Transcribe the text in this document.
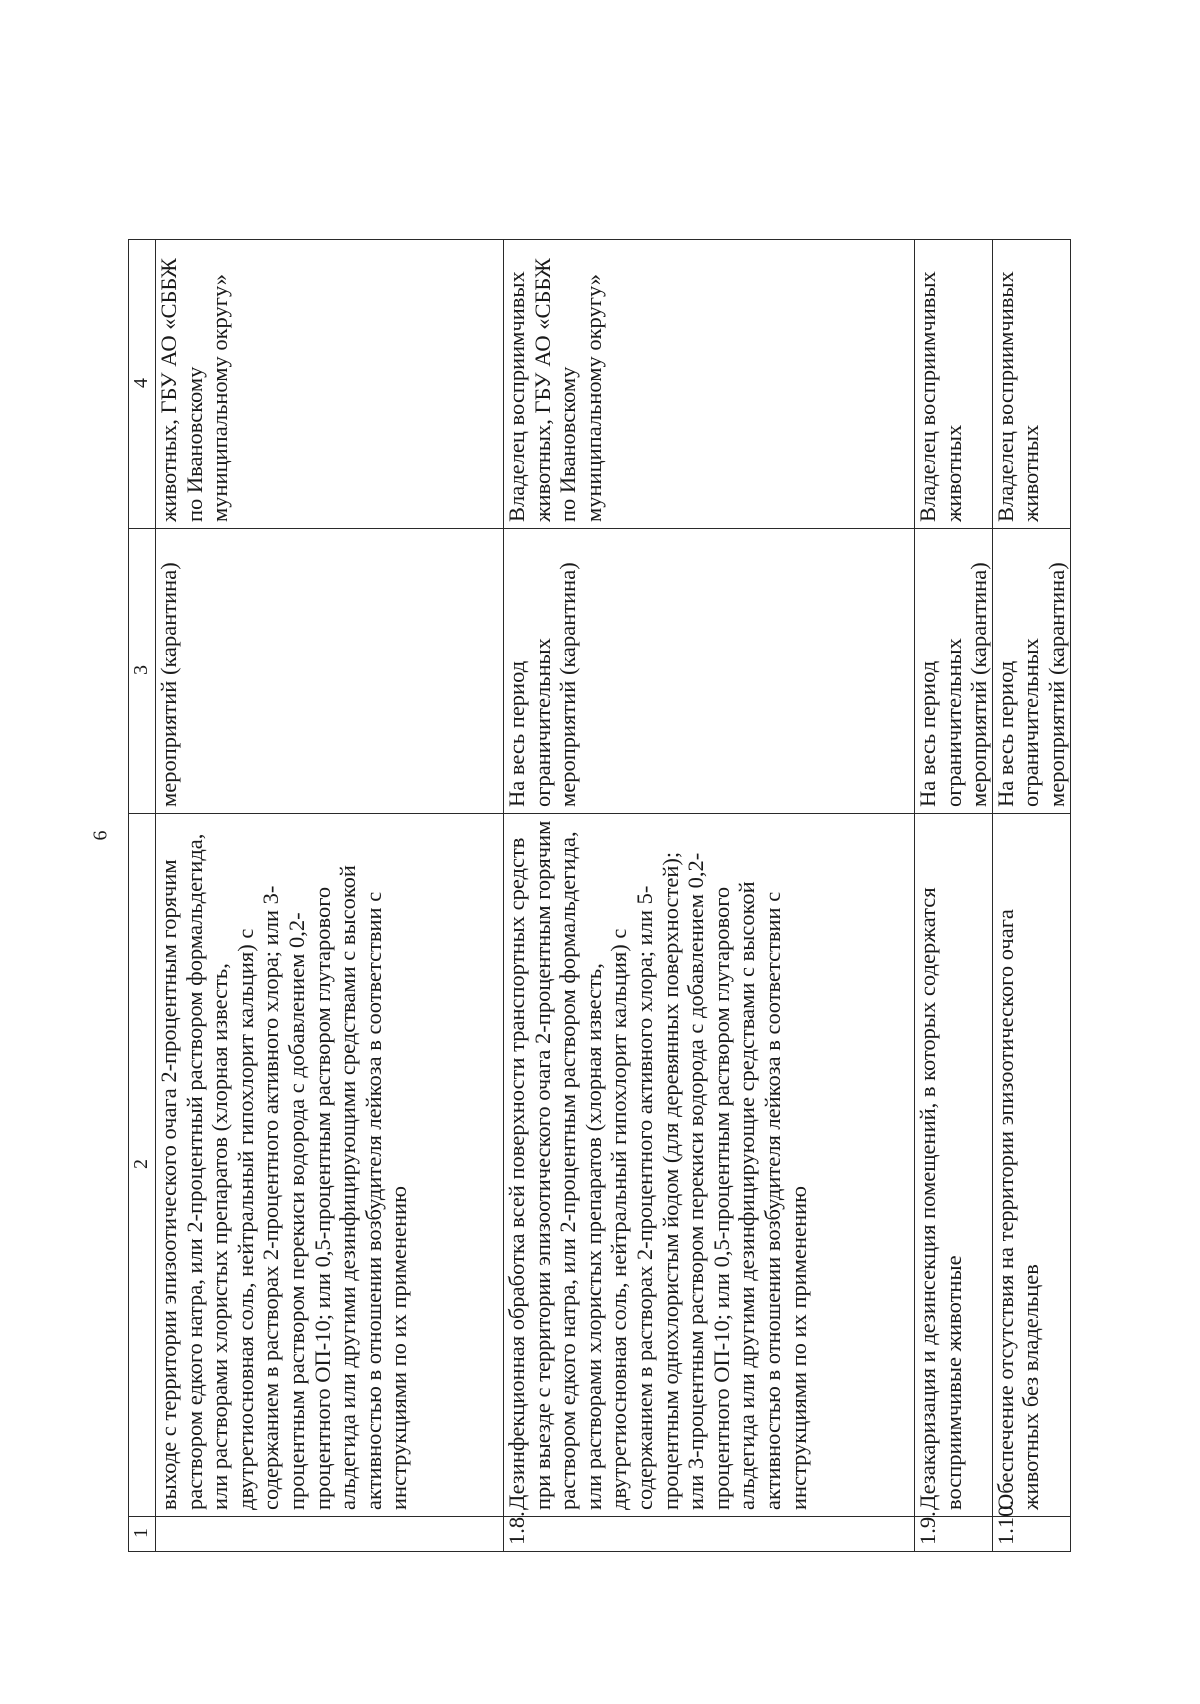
6
1	2	3	4
	выходе с территории эпизоотического очага 2-процентным горячим раствором едкого натра, или 2-процентный раствором формальдегида, или растворами хлористых препаратов (хлорная известь, двутретиосновная соль, нейтральный гипохлорит кальция) с содержанием в растворах 2-процентного активного хлора; или 3-процентным раствором перекиси водорода с добавлением 0,2-процентного ОП-10; или 0,5-процентным раствором глутарового альдегида или другими дезинфицирующими средствами с высокой активностью в отношении возбудителя лейкоза в соответствии с инструкциями по их применению	мероприятий (карантина)	животных, ГБУ АО «СББЖ по Ивановскому муниципальному округу»
1.8.	Дезинфекционная обработка всей поверхности транспортных средств при выезде с территории эпизоотического очага 2-процентным горячим раствором едкого натра, или 2-процентным раствором формальдегида, или растворами хлористых препаратов (хлорная известь, двутретиосновная соль, нейтральный гипохлорит кальция) с содержанием в растворах 2-процентного активного хлора; или 5-процентным однохлористым йодом (для деревянных поверхностей); или 3-процентным раствором перекиси водорода с добавлением 0,2-процентного ОП-10; или 0,5-процентным раствором глутарового альдегида или другими дезинфицирующие средствами с высокой активностью в отношении возбудителя лейкоза в соответствии с инструкциями по их применению	На весь период ограничительных мероприятий (карантина)	Владелец восприимчивых животных, ГБУ АО «СББЖ по Ивановскому муниципальному округу»
1.9.	Дезакаризация и дезинсекция помещений, в которых содержатся восприимчивые животные	На весь период ограничительных мероприятий (карантина)	Владелец восприимчивых животных
1.10.	Обеспечение отсутствия на территории эпизоотического очага животных без владельцев	На весь период ограничительных мероприятий (карантина)	Владелец восприимчивых животных
